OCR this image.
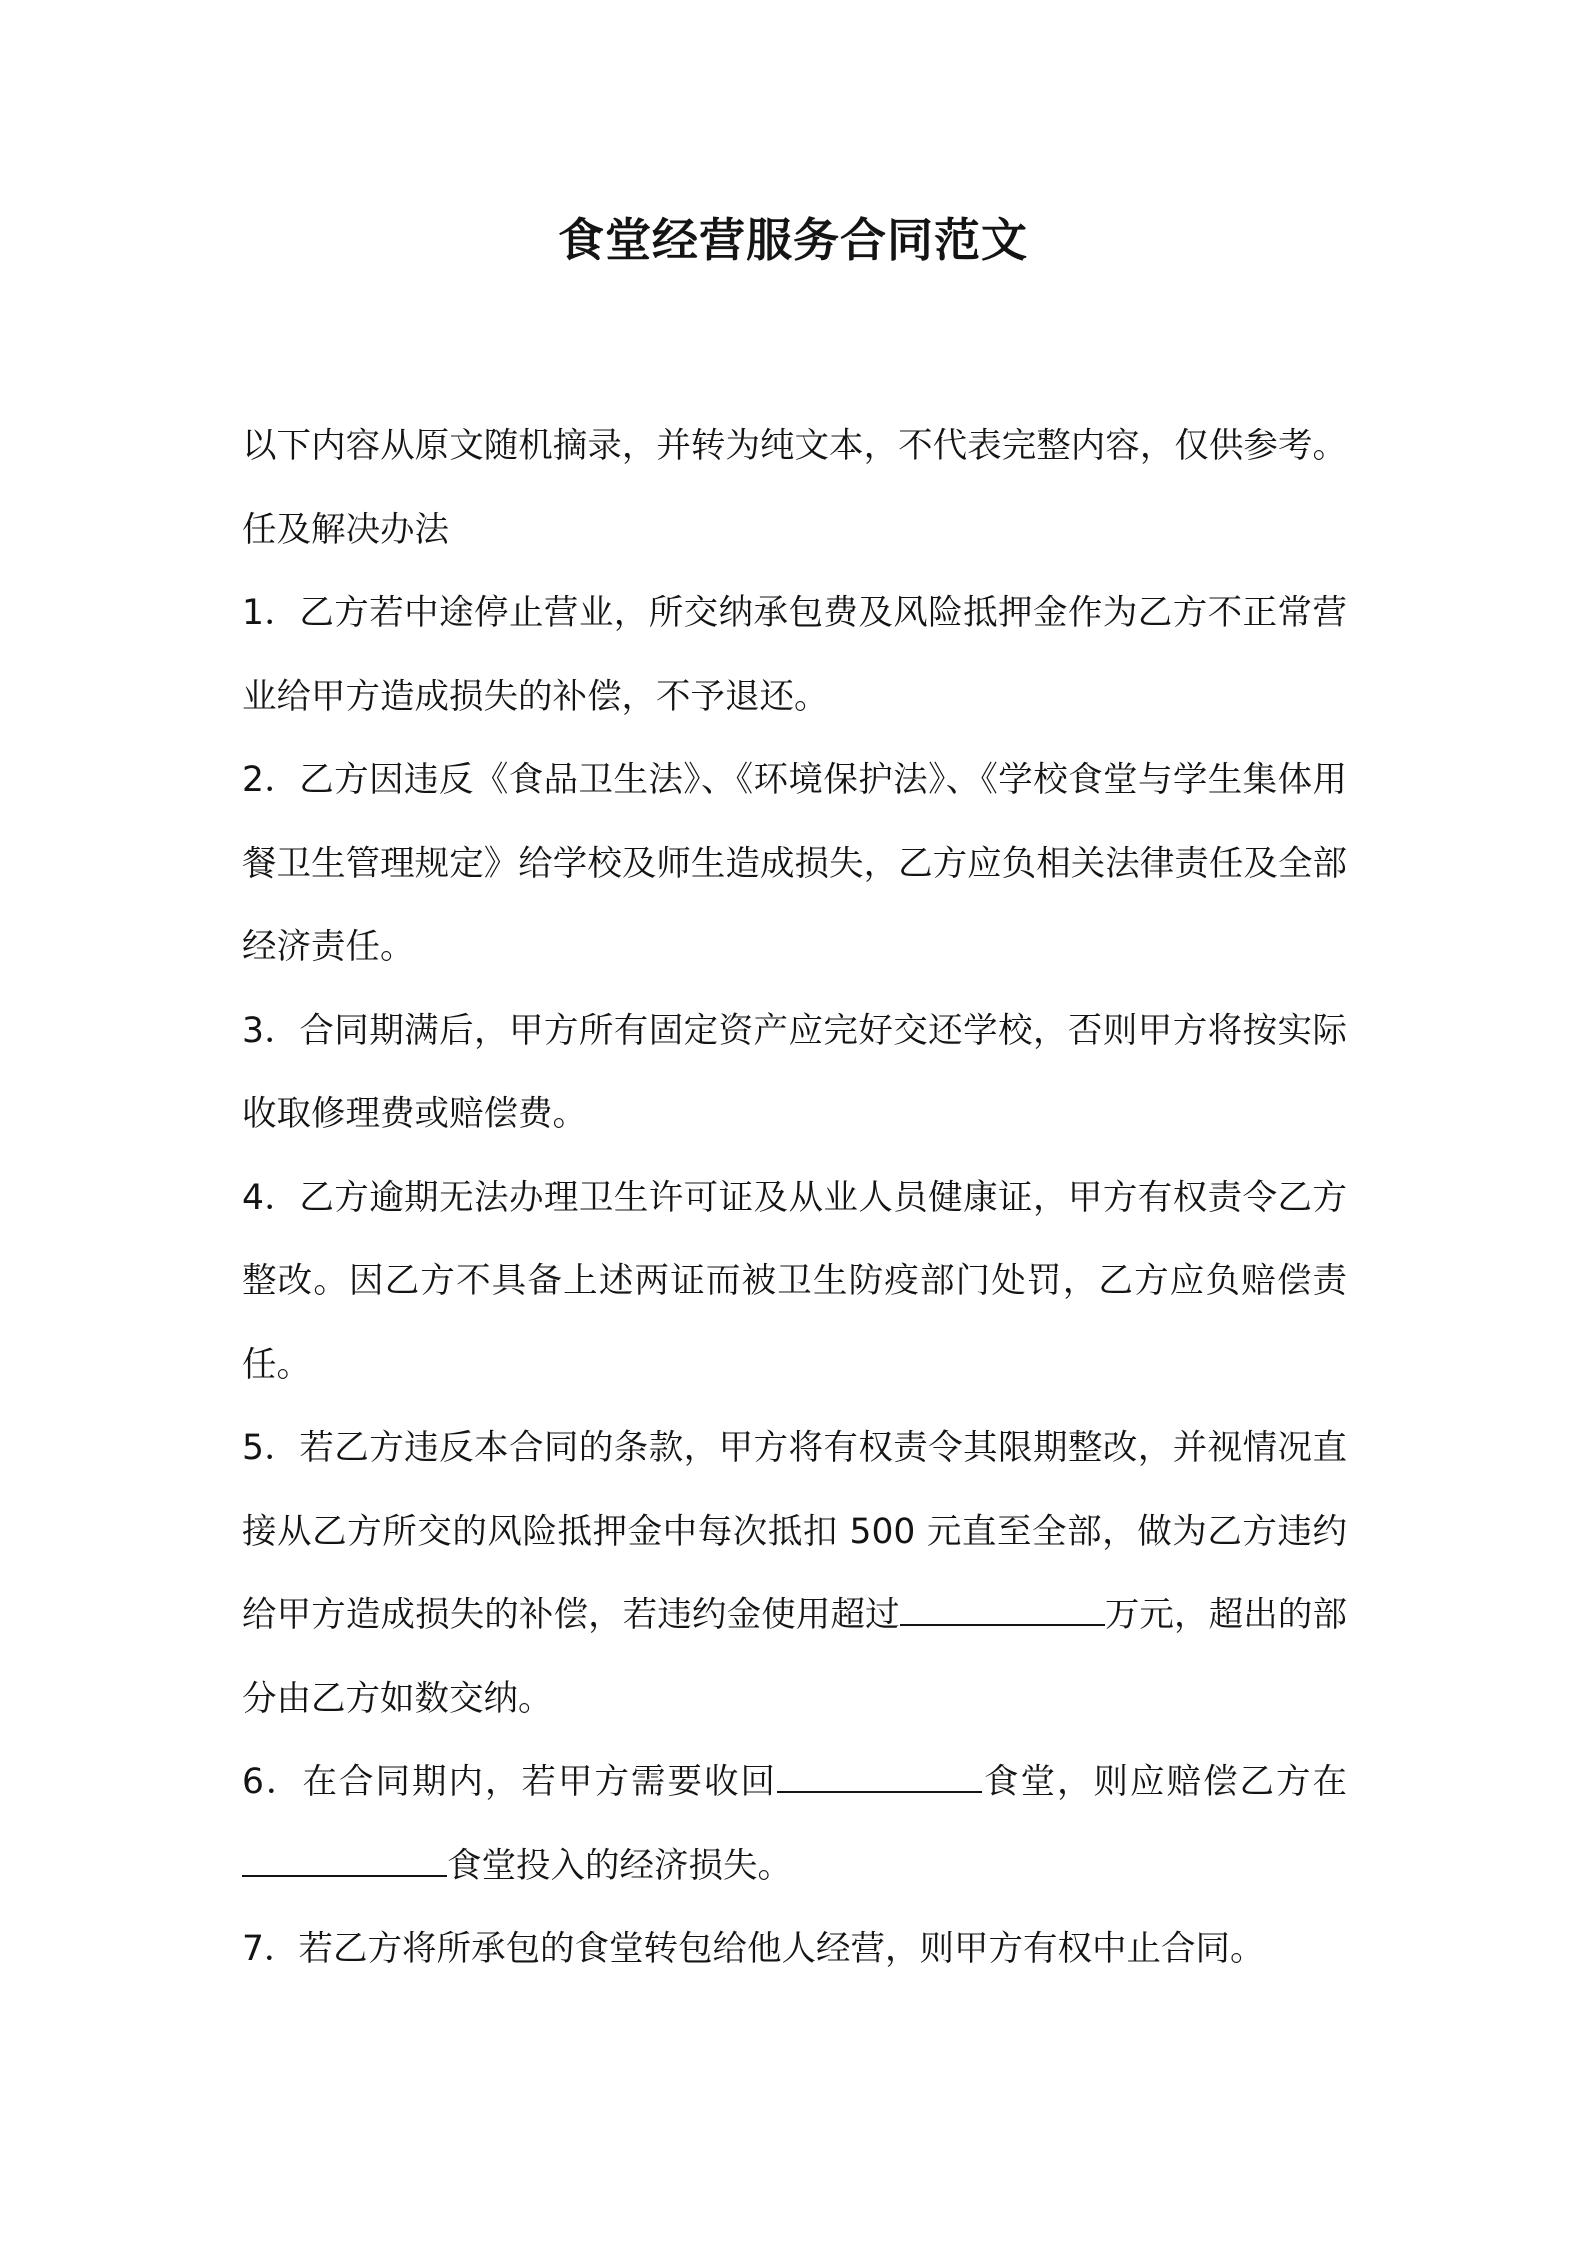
食堂经营服务合同范文

以下内容从原文随机摘录，并转为纯文本，不代表完整内容，仅供参考。任及解决办法

1．乙方若中途停止营业，所交纳承包费及风险抵押金作为乙方不正常营业给甲方造成损失的补偿，不予退还。

2．乙方因违反《食品卫生法》、《环境保护法》、《学校食堂与学生集体用餐卫生管理规定》给学校及师生造成损失，乙方应负相关法律责任及全部经济责任。

3．合同期满后，甲方所有固定资产应完好交还学校，否则甲方将按实际收取修理费或赔偿费。

4．乙方逾期无法办理卫生许可证及从业人员健康证，甲方有权责令乙方整改。因乙方不具备上述两证而被卫生防疫部门处罚，乙方应负赔偿责任。

5．若乙方违反本合同的条款，甲方将有权责令其限期整改，并视情况直接从乙方所交的风险抵押金中每次抵扣 500 元直至全部，做为乙方违约给甲方造成损失的补偿，若违约金使用超过	万元，超出的部分由乙方如数交纳。

6．在合同期内，若甲方需要收回	食堂，则应赔偿乙方在食堂投入的经济损失。

7．若乙方将所承包的食堂转包给他人经营，则甲方有权中止合同。
